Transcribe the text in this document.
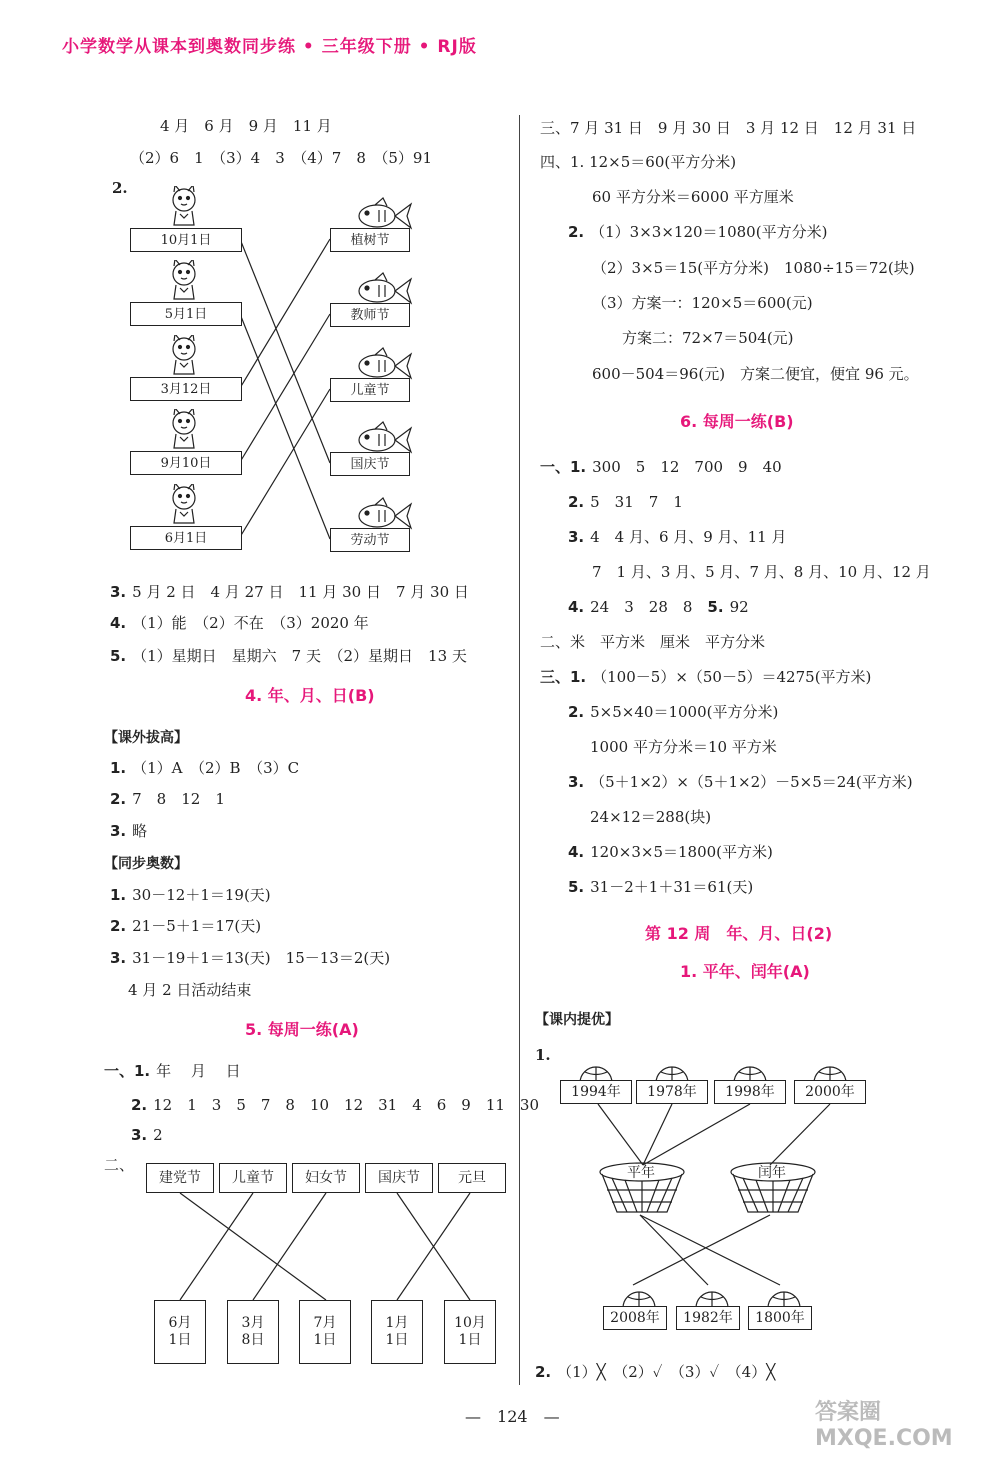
小学数学从课本到奥数同步练 • 三年级下册 • RJ版
4 月　6 月　9 月　11 月
（2）6　1　（3）4　3　（4）7　8　（5）91
2.
10月1日
5月1日
3月12日
9月10日
6月1日
植树节
教师节
儿童节
国庆节
劳动节
3. 5 月 2 日　4 月 27 日　11 月 30 日　7 月 30 日
4. （1）能　（2）不在　（3）2020 年
5. （1）星期日　星期六　7 天　（2）星期日　13 天
4. 年、月、日(B)
【课外拔高】
1. （1）A　（2）B　（3）C
2. 7　8　12　1
3. 略
【同步奥数】
1. 30－12＋1＝19(天)
2. 21－5＋1＝17(天)
3. 31－19＋1＝13(天)　15－13＝2(天)
4 月 2 日活动结束
5. 每周一练(A)
一、1. 年　 月　 日
2. 12　1　3　5　7　8　10　12　31　4　6　9　11　30
3. 2
二、
建党节	儿童节	妇女节	国庆节	元旦
6月
1日
3月
8日
7月
1日
1月
1日
10月
1日
三、7 月 31 日　9 月 30 日　3 月 12 日　12 月 31 日
四、1. 12×5＝60(平方分米)
60 平方分米＝6000 平方厘米
2. （1）3×3×120＝1080(平方分米)
（2）3×5＝15(平方分米)　1080÷15＝72(块)
（3）方案一：120×5＝600(元)
方案二：72×7＝504(元)
600－504＝96(元)　方案二便宜，便宜 96 元。
6. 每周一练(B)
一、1. 300　5　12　700　9　40
2. 5　31　7　1
3. 4　4 月、6 月、9 月、11 月
7　1 月、3 月、5 月、7 月、8 月、10 月、12 月
4. 24　3　28　8　 5. 92
二、米　平方米　厘米　平方分米
三、1. （100－5）×（50－5）＝4275(平方米)
2. 5×5×40＝1000(平方分米)
1000 平方分米＝10 平方米
3. （5＋1×2）×（5＋1×2）－5×5＝24(平方米)
24×12＝288(块)
4. 120×3×5＝1800(平方米)
5. 31－2＋1＋31＝61(天)
第 12 周　年、月、日(2)
1. 平年、闰年(A)
【课内提优】
1.
1994年	1978年	1998年	2000年
平年	闰年
2008年	1982年	1800年
2. （1）╳　（2）✓　（3）✓　（4）╳
—　124　—	答案圈
MXQE.COM
